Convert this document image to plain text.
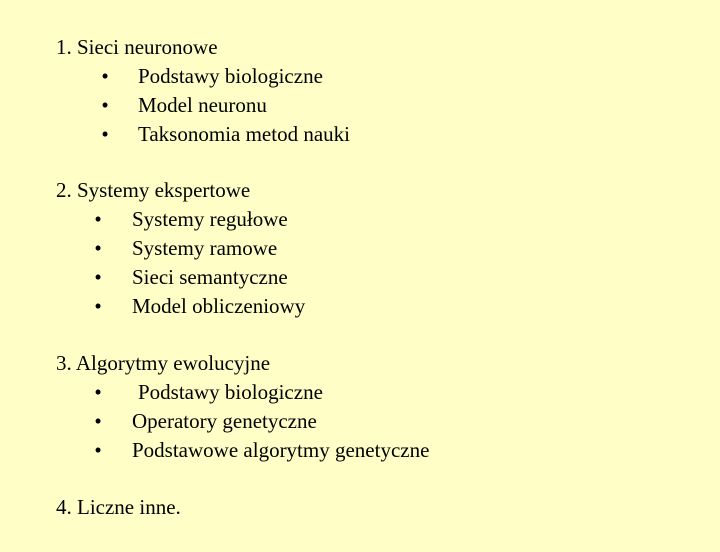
1. Sieci neuronowe

•

Podstawy biologiczne

•

Model neuronu

•

Taksonomia metod nauki

2. Systemy ekspertowe

•

Systemy regułowe

•

Systemy ramowe

•

Sieci semantyczne

•

Model obliczeniowy

3. Algorytmy ewolucyjne

•

Podstawy biologiczne

•

Operatory genetyczne

•

Podstawowe algorytmy genetyczne

4. Liczne inne.
